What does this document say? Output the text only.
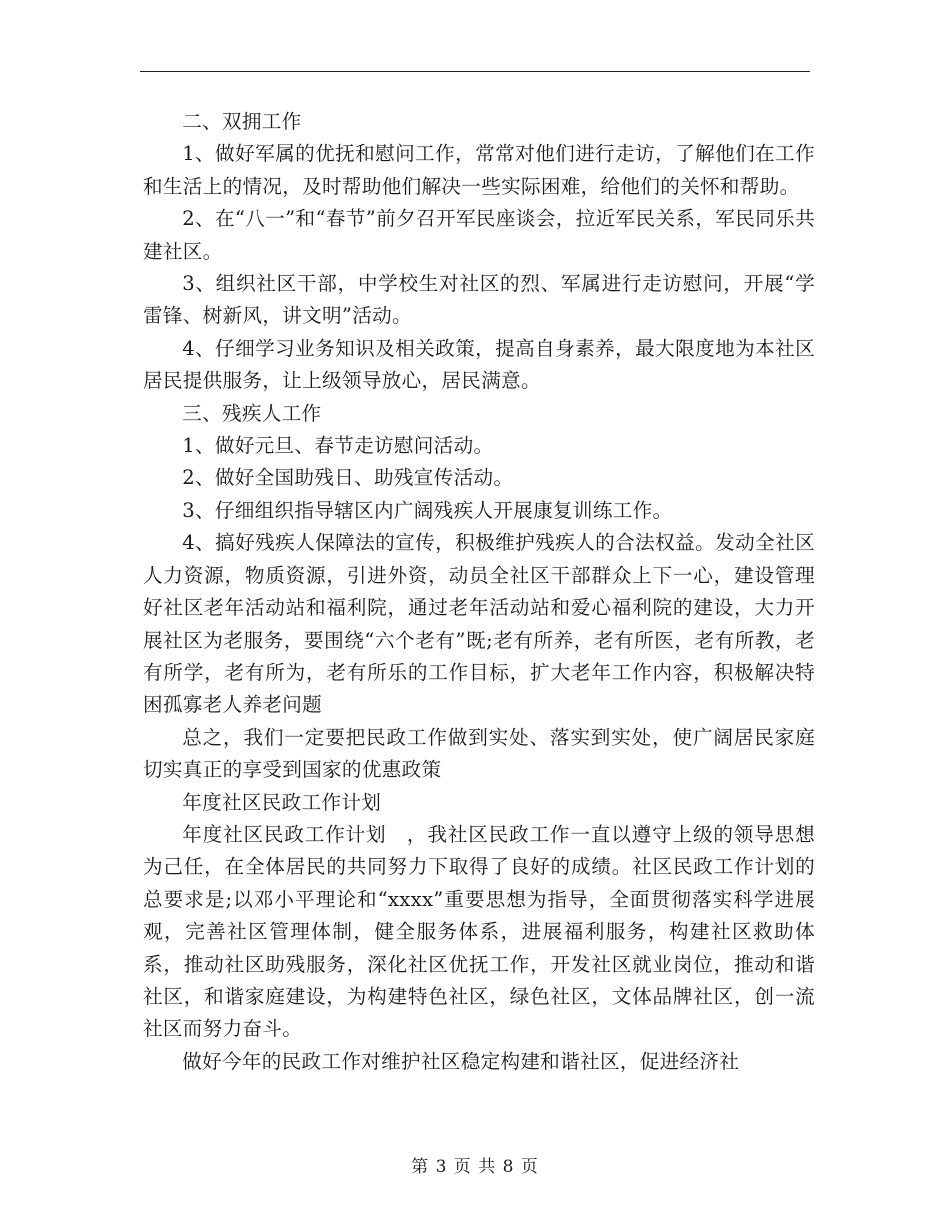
二、双拥工作

1、做好军属的优抚和慰问工作，常常对他们进行走访，了解他们在工作和生活上的情况，及时帮助他们解决一些实际困难，给他们的关怀和帮助。

2、在“八一”和“春节”前夕召开军民座谈会，拉近军民关系，军民同乐共建社区。

3、组织社区干部，中学校生对社区的烈、军属进行走访慰问，开展“学雷锋、树新风，讲文明”活动。

4、仔细学习业务知识及相关政策，提高自身素养，最大限度地为本社区居民提供服务，让上级领导放心，居民满意。

三、残疾人工作

1、做好元旦、春节走访慰问活动。

2、做好全国助残日、助残宣传活动。

3、仔细组织指导辖区内广阔残疾人开展康复训练工作。

4、搞好残疾人保障法的宣传，积极维护残疾人的合法权益。发动全社区人力资源，物质资源，引进外资，动员全社区干部群众上下一心，建设管理好社区老年活动站和福利院，通过老年活动站和爱心福利院的建设，大力开展社区为老服务，要围绕“六个老有”既;老有所养，老有所医，老有所教，老有所学，老有所为，老有所乐的工作目标，扩大老年工作内容，积极解决特困孤寡老人养老问题

总之，我们一定要把民政工作做到实处、落实到实处，使广阔居民家庭切实真正的享受到国家的优惠政策

年度社区民政工作计划

年度社区民政工作计划　，我社区民政工作一直以遵守上级的领导思想为己任，在全体居民的共同努力下取得了良好的成绩。社区民政工作计划的总要求是;以邓小平理论和“xxxx”重要思想为指导，全面贯彻落实科学进展观，完善社区管理体制，健全服务体系，进展福利服务，构建社区救助体系，推动社区助残服务，深化社区优抚工作，开发社区就业岗位，推动和谐社区，和谐家庭建设，为构建特色社区，绿色社区，文体品牌社区，创一流社区而努力奋斗。

做好今年的民政工作对维护社区稳定构建和谐社区，促进经济社

第 3 页 共 8 页
